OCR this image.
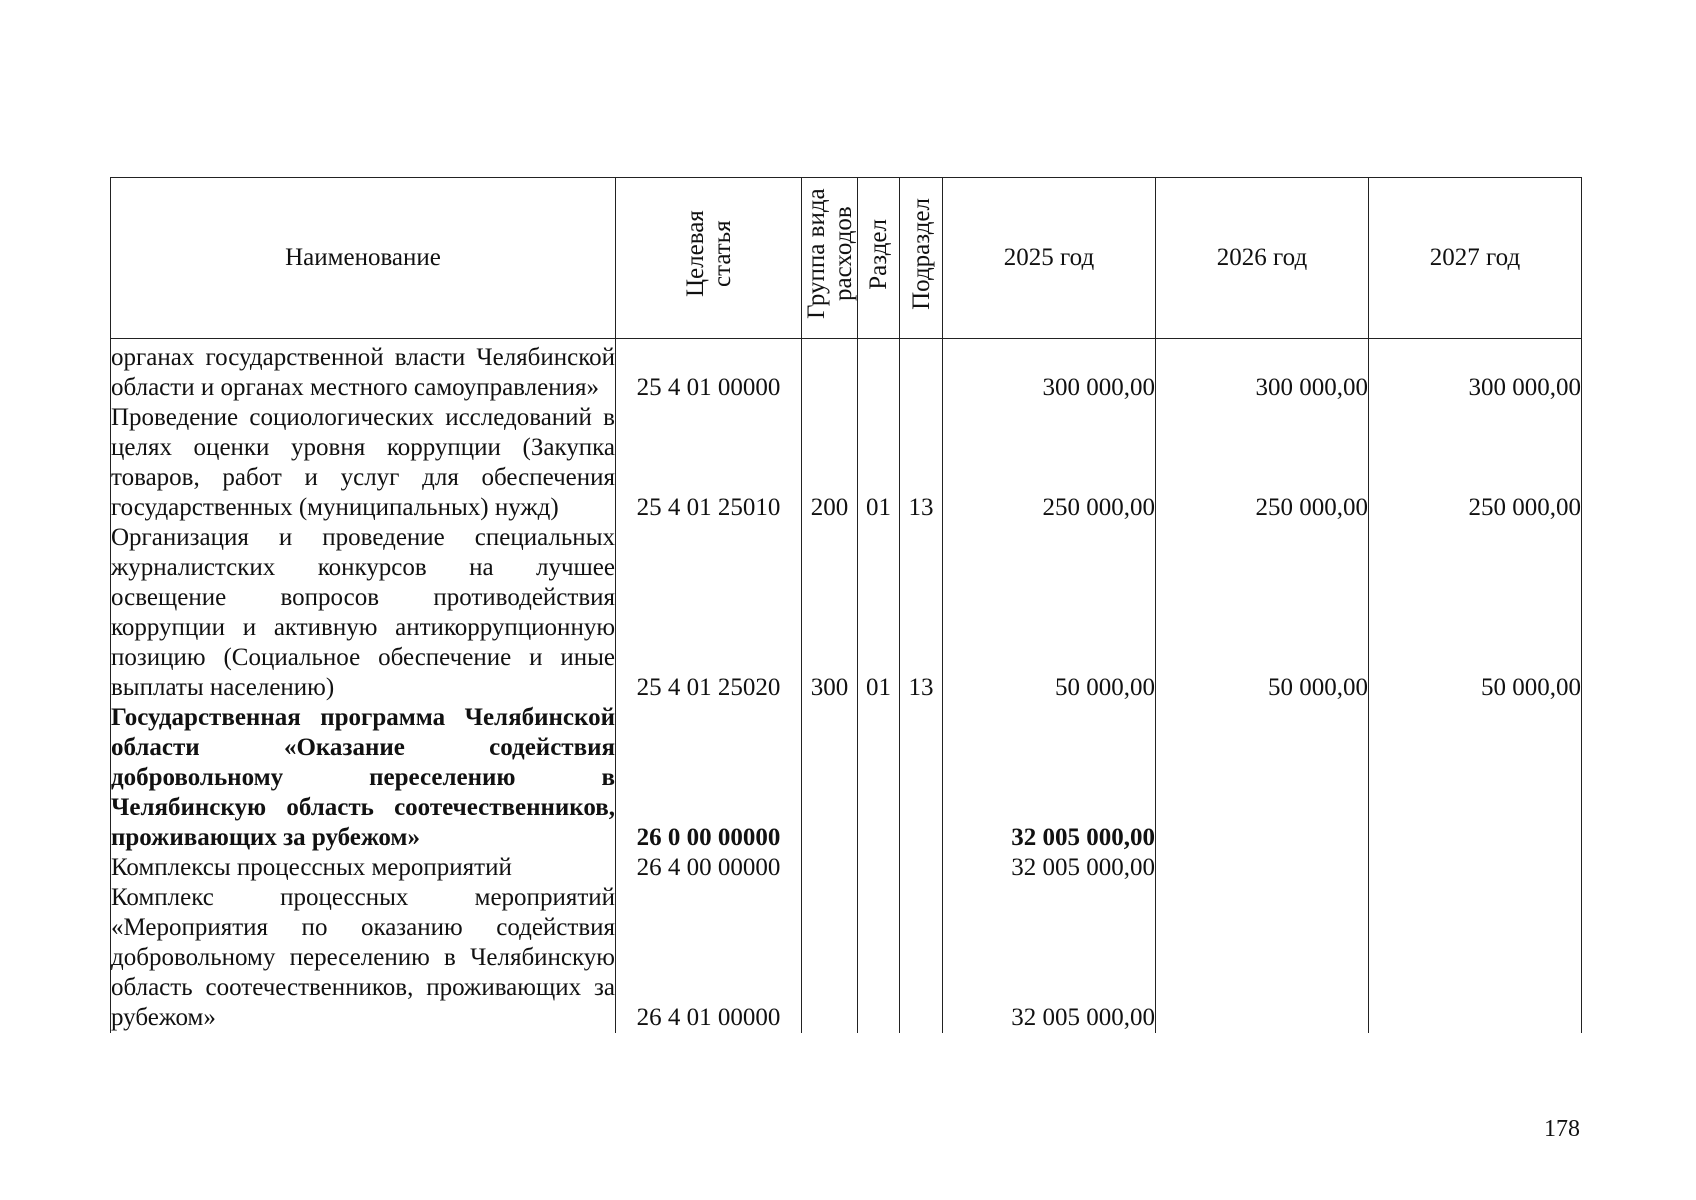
Наименование	Целевая статья	Группа вида расходов	Раздел	Подраздел	2025 год	2026 год	2027 год
органах государственной власти Челябинской области и органах местного самоуправления»	25 4 01 00000				300 000,00	300 000,00	300 000,00
Проведение социологических исследований в целях оценки уровня коррупции (Закупка товаров, работ и услуг для обеспечения государственных (муниципальных) нужд)	25 4 01 25010	200	01	13	250 000,00	250 000,00	250 000,00
Организация и проведение специальных журналистских конкурсов на лучшее освещение вопросов противодействия коррупции и активную антикоррупционную позицию (Социальное обеспечение и иные выплаты населению)	25 4 01 25020	300	01	13	50 000,00	50 000,00	50 000,00
Государственная программа Челябинской области «Оказание содействия добровольному переселению в Челябинскую область соотечественников, проживающих за рубежом»	26 0 00 00000				32 005 000,00		
Комплексы процессных мероприятий	26 4 00 00000				32 005 000,00		
Комплекс процессных мероприятий «Мероприятия по оказанию содействия добровольному переселению в Челябинскую область соотечественников, проживающих за рубежом»	26 4 01 00000				32 005 000,00		
178
